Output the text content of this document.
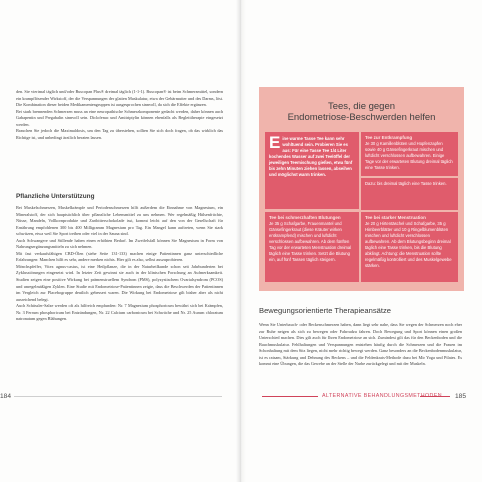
den. Sie vierimal täglich und/oder Buscopan Plus® dreimal täglich (1-1-1). Buscopan® ist beim Schmerzmittel, sondern ein krampflösender Wirkstoff, der die Verspannungen der glatten Muskulatur, etwa der Gebärmutter und des Darms, löst. Die Kombination dieser beiden Medikamentengruppen ist ausgesprochen sinnvoll, da sich die Effekte ergänzen.
Bei stark brennenden Schmerzen muss an eine neuropathische Schmerzkomponente gedacht werden, daher können auch Gabapentin und Pregabalin sinnvoll sein. Diclofenac und Amitriptylin können ebenfalls als Begleittherapie eingesetzt werden.
Brauchen Sie jedoch die Maximaldosis, um den Tag zu überstehen, sollten Sie sich doch fragen, ob das wirklich das Richtige ist, und unbedingt ärztlich beraten lassen.
Pflanzliche Unterstützung
Bei Muskelschmerzen, Muskelkrämpfe und Periodenschmerzen hilft außerdem die Einnahme von Magnesium, ein Mineralstoff, der sich hauptsächlich über pflanzliche Lebensmittel zu uns nehmen. Wer regelmäßig Hülsenfrüchte, Nüsse, Mandeln, Vollkornprodukte und Zartbitterschokolade isst, kommt leicht auf den von der Gesellschaft für Ernährung empfohlenen 300 bis 400 Milligramm Magnesium pro Tag. Ein Mangel kann auftreten, wenn Sie stark schwitzen, etwa weil Sie Sport treiben oder viel in der Sauna sind.
Auch Schwangere und Stillende haben einen erhöhten Bedarf. Im Zweifelsfall können Sie Magnesium in Form von Nahrungsergänzungsmitteln zu sich nehmen.
Mit fast verkaufsfähigen CBD-Ölen (siehe Seite 131-133) machen einige Patientinnen ganz unterschiedliche Erfahrungen: Manchen hilft es sehr, andere merken nichts. Hier gilt es also, selbst auszuprobieren.
Mönchspfeffer, Vitex agnus-castus, ist eine Heilpflanze, die in der Naturheilkunde schon seit Jahrhunderten bei Zyklusstörungen eingesetzt wird. In letzter Zeit gewinnt sie auch in der klinischen Forschung an Aufmerksamkeit. Studien zeigen eine positive Wirkung bei prämenstruellem Syndrom (PMS), polyzystischem Ovarialsyndrom (PCOS) und unregelmäßigen Zyklen. Eine Studie mit Endometriose-Patientinnen zeigte, dass die Beschwerden der Patientinnen im Vergleich zur Placebogruppe deutlich gebessert waren. Die Wirkung bei Endometriose gilt bisher aber als nicht ausreichend belegt.
Auch Schüssler-Salze werden oft als hilfreich empfunden: Nr. 7 Magnesium phosphoricum bewährt sich bei Krämpfen, Nr. 3 Ferrum phosphoricum bei Entzündungen, Nr. 22 Calcium carbonicum bei Schwäche und Nr. 25 Aurum chloratum natronatum gegen Blähungen.
184
Tees, die gegen
Endometriose-Beschwerden helfen
E ine warme Tasse Tee kann sehr wohltuend sein. Probieren Sie es aus: Für eine Tasse Tee 1/4 Liter kochendes Wasser auf zwei Teelöffel der jeweiligen Teemischung gießen, etwa fünf bis zehn Minuten ziehen lassen, abseihen und möglichst warm trinken.
Tee zur Entkrampfung
Je 30 g Kamillenblüten und Hopfenzapfen sowie 40 g Gänsefingerkraut mischen und luftdicht verschlossen aufbewahren. Einige Tage vor der erwarteten Blutung dreimal täglich eine Tasse trinken.
Dazu: bis dreimal täglich eine Tasse trinken.
Tee bei schmerzhaften Blutungen
Je 35 g Schafgarbe, Frauenmantel und Gänsefingerkraut (diese Kräuter wirken entkrampfend) mischen und luftdicht verschlossen aufbewahren. Ab dem fünften Tag vor der erwarteten Menstruation dreimal täglich eine Tasse trinken. Setzt die Blutung ein, auf fünf Tassen täglich steigern.
Tee bei starker Menstruation
Je 20 g Hirtentäschel und Schafgarbe, 35 g Himbeerblätter und 10 g Ringelblumenblüten mischen und luftdicht verschlossen aufbewahren. Ab dem Blutungsbeginn dreimal täglich eine Tasse trinken, bis die Blutung abklingt. Achtung: die Menstruation sollte regelmäßig kontrolliert und des Muskelgewebe stärken.
Bewegungsorientierte Therapieansätze
Wenn Sie Unterbauch- oder Beckenschmerzen haben, dann liegt sehr nahe, dass Sie wegen der Schmerzen noch eher zur Ruhe neigen als sich zu bewegen oder Fahrradzu fahren. Doch Bewegung und Sport können einen großen Unterschied machen. Dies gilt auch für Ihren Endometriose an sich. Zumindest gilt das für den Beckenboden und die Bauchmuskulatur. Fehlhaltungen und Verspannungen entstehen häufig durch die Schmerzen und die Frauen im Schonhaltung mit dem Sitz liegen, nicht mehr richtig bewegt werden. Ganz besonders an die Beckenbodenmuskulatur, ist es ratsam, Stärkung und Dehnung des Beckens – und die Feldenkrais-Methode dazu bei Mir Yoga und Pilates. Es kommt eine Übungen, die das Gewebe an der Stelle der Narbe zurückgelegt und mit der Muskeln.
ALTERNATIVE BEHANDLUNGSMETHODEN 185
